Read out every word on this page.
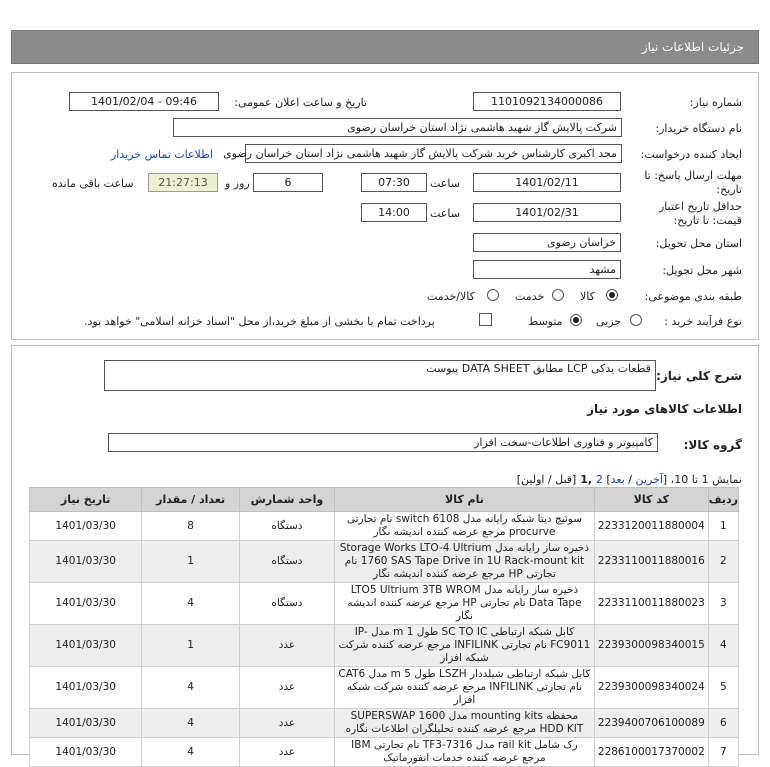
جزئیات اطلاعات نیاز
شماره نیاز:
1101092134000086
تاریخ و ساعت اعلان عمومی:
1401/02/04 - 09:46
نام دستگاه خریدار:
شرکت پالایش گاز شهید هاشمی نژاد استان خراسان رضوی
ایجاد کننده درخواست:
مجد اکبری کارشناس خرید شرکت پالایش گاز شهید هاشمی نژاد استان خراسان رضوی
اطلاعات تماس خریدار
مهلت ارسال پاسخ: تا
تاریخ:
1401/02/11
ساعت
07:30
6
روز و
21:27:13
ساعت باقی مانده
حداقل تاریخ اعتبار
قیمت: تا تاریخ:
1401/02/31
ساعت
14:00
استان محل تحویل:
خراسان رضوی
شهر محل تحویل:
مشهد
طبقه بندی موضوعی:
کالا
خدمت
کالا/خدمت
نوع فرآیند خرید :
جزیی
متوسط
پرداخت تمام یا بخشی از مبلغ خرید،از محل "اسناد خزانه اسلامی" خواهد بود.
شرح کلی نیاز:
قطعات یدکی LCP مطابق DATA SHEET پیوست
اطلاعات کالاهای مورد نیاز
گروه کالا:
کامپیوتر و فناوری اطلاعات-سخت افزار
نمایش 1 تا 10، [آخرین / بعد] 2 ,1 [قبل / اولین]
ردیف	کد کالا	نام کالا	واحد شمارش	تعداد / مقدار	تاریخ نیاز
1	2233120011880004	سوئیچ دیتا شبکه رایانه مدل switch 6108 نام تجارتی procurve مرجع عرضه کننده اندیشه نگار	دستگاه	8	1401/03/30
2	2233110011880016	ذخیره ساز رایانه مدل Storage Works LTO-4 Ultrium 1760 SAS Tape Drive in 1U Rack-mount kit نام تجارتی HP مرجع عرضه کننده اندیشه نگار	دستگاه	1	1401/03/30
3	2233110011880023	ذخیره ساز رایانه مدل LTO5 Ultrium 3TB WROM Data Tape نام تجارتی HP مرجع عرضه کننده اندیشه نگار	دستگاه	4	1401/03/30
4	2239300098340015	کابل شبکه ارتباطی SC TO IC طول 1 m مدل IP-FC9011 نام تجارتی INFILINK مرجع عرضه کننده شرکت شبکه افزار	عدد	1	1401/03/30
5	2239300098340024	کابل شبکه ارتباطی شیلددار LSZH طول 5 m مدل CAT6 نام تجارتی INFILINK مرجع عرضه کننده شرکت شبکه افزار	عدد	4	1401/03/30
6	2239400706100089	محفظه mounting kits مدل SUPERSWAP 1600 HDD KIT مرجع عرضه کننده تحلیلگران اطلاعات نگاره	عدد	4	1401/03/30
7	2286100017370002	رک شامل rail kit مدل TF3-7316 نام تجارتی IBM مرجع عرضه کننده خدمات انفورماتیک	عدد	4	1401/03/30
